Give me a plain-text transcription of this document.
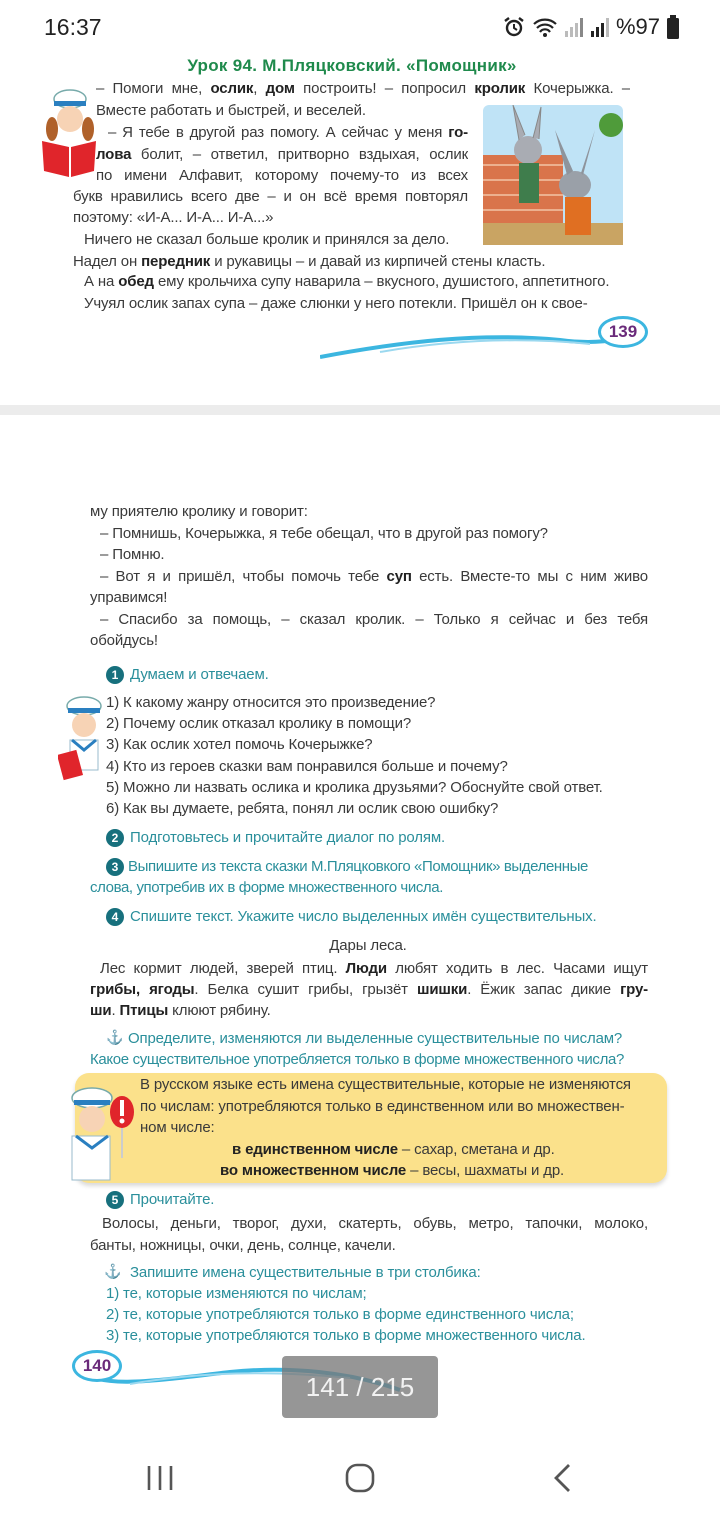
16:37	%97
Урок 94. М.Пляцковский. «Помощник»
– Помоги мне, ослик, дом построить! – попросил кролик Кочерыжка. –
Вместе работать и быстрей, и веселей.
– Я тебе в другой раз помогу. А сейчас у меня го-
лова болит, – ответил, притворно вздыхая, ослик
по имени Алфавит, которому почему-то из всех
букв нравились всего две – и он всё время повторял
поэтому: «И-А... И-А... И-А...»
Ничего не сказал больше кролик и принялся за дело.
Надел он передник и рукавицы – и давай из кирпичей стены класть.
А на обед ему крольчиха супу наварила – вкусного, душистого, аппетитного.
Учуял ослик запах супа – даже слюнки у него потекли. Пришёл он к свое-
139
му приятелю кролику и говорит:
– Помнишь, Кочерыжка, я тебе обещал, что в другой раз помогу?
– Помню.
– Вот я и пришёл, чтобы помочь тебе суп есть. Вместе-то мы с ним живо
управимся!
– Спасибо за помощь, – сказал кролик. – Только я сейчас и без тебя
обойдусь!
1 Думаем и отвечаем.
1) К какому жанру относится это произведение?
2) Почему ослик отказал кролику в помощи?
3) Как ослик хотел помочь Кочерыжке?
4) Кто из героев сказки вам понравился больше и почему?
5) Можно ли назвать ослика и кролика друзьями? Обоснуйте свой ответ.
6) Как вы думаете, ребята, понял ли ослик свою ошибку?
2 Подготовьтесь и прочитайте диалог по ролям.
3 Выпишите из текста сказки М.Пляцковкого «Помощник» выделенные
слова, употребив их в форме множественного числа.
4 Спишите текст. Укажите число выделенных имён существительных.
Дары леса.
Лес кормит людей, зверей птиц. Люди любят ходить в лес. Часами ищут
грибы, ягоды. Белка сушит грибы, грызёт шишки. Ёжик запас дикие гру-
ши. Птицы клюют рябину.
⚓ Определите, изменяются ли выделенные существительные по числам?
Какое существительное употребляется только в форме множественного числа?
В русском языке есть имена существительные, которые не изменяются
по числам: употребляются только в единственном или во множествен-
ном числе:
в единственном числе – сахар, сметана и др.
во множественном числе – весы, шахматы и др.
5 Прочитайте.
Волосы, деньги, творог, духи, скатерть, обувь, метро, тапочки, молоко,
банты, ножницы, очки, день, солнце, качели.
⚓ Запишите имена существительные в три столбика:
1) те, которые изменяются по числам;
2) те, которые употребляются только в форме единственного числа;
3) те, которые употребляются только в форме множественного числа.
140
141 / 215
